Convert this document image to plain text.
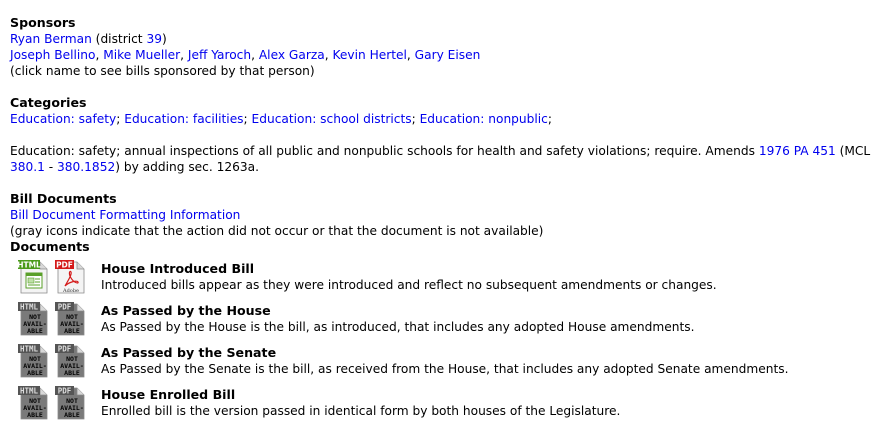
Sponsors
Ryan Berman (district 39)
Joseph Bellino, Mike Mueller, Jeff Yaroch, Alex Garza, Kevin Hertel, Gary Eisen
(click name to see bills sponsored by that person)
Categories
Education: safety; Education: facilities; Education: school districts; Education: nonpublic;
Education: safety; annual inspections of all public and nonpublic schools for health and safety violations; require. Amends 1976 PA 451 (MCL 380.1 - 380.1852) by adding sec. 1263a.
Bill Documents
Bill Document Formatting Information
(gray icons indicate that the action did not occur or that the document is not available)
Documents
HTML PDF
Adobe
House Introduced Bill
Introduced bills appear as they were introduced and reflect no subsequent amendments or changes.
HTML
NOT
AVAIL-
ABLE
PDF
NOT
AVAIL-
ABLE
As Passed by the House
As Passed by the House is the bill, as introduced, that includes any adopted House amendments.
HTML
NOT
AVAIL-
ABLE
PDF
NOT
AVAIL-
ABLE
As Passed by the Senate
As Passed by the Senate is the bill, as received from the House, that includes any adopted Senate amendments.
HTML
NOT
AVAIL-
ABLE
PDF
NOT
AVAIL-
ABLE
House Enrolled Bill
Enrolled bill is the version passed in identical form by both houses of the Legislature.
